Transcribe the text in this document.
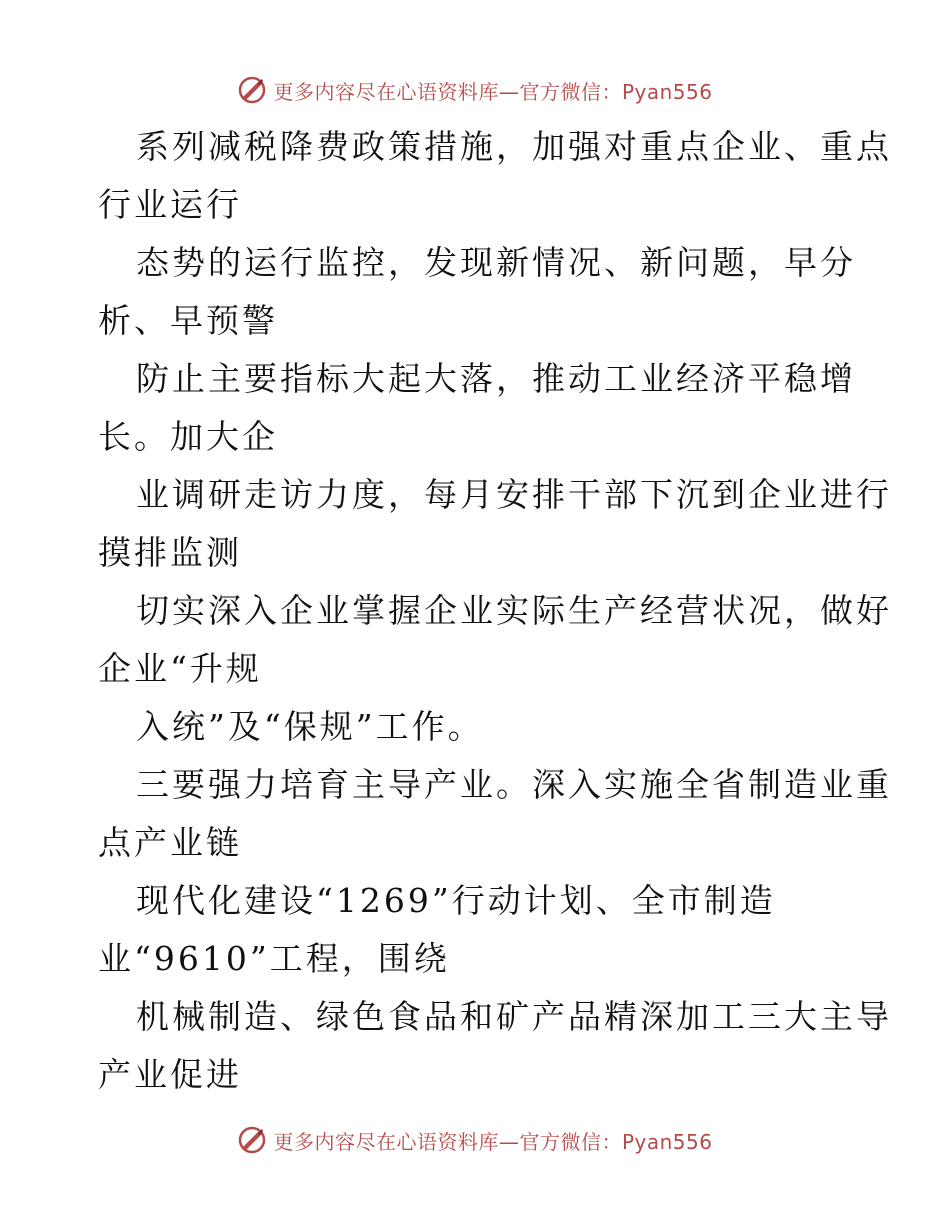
更多内容尽在心语资料库—官方微信：Pyan556
系列减税降费政策措施，加强对重点企业、重点
行业运行
态势的运行监控，发现新情况、新问题，早分
析、早预警
防止主要指标大起大落，推动工业经济平稳增
长。加大企
业调研走访力度，每月安排干部下沉到企业进行
摸排监测
切实深入企业掌握企业实际生产经营状况，做好
企业“升规
入统”及“保规”工作。
三要强力培育主导产业。深入实施全省制造业重
点产业链
现代化建设“1269”行动计划、全市制造
业“9610”工程，围绕
机械制造、绿色食品和矿产品精深加工三大主导
产业促进
更多内容尽在心语资料库—官方微信：Pyan556
